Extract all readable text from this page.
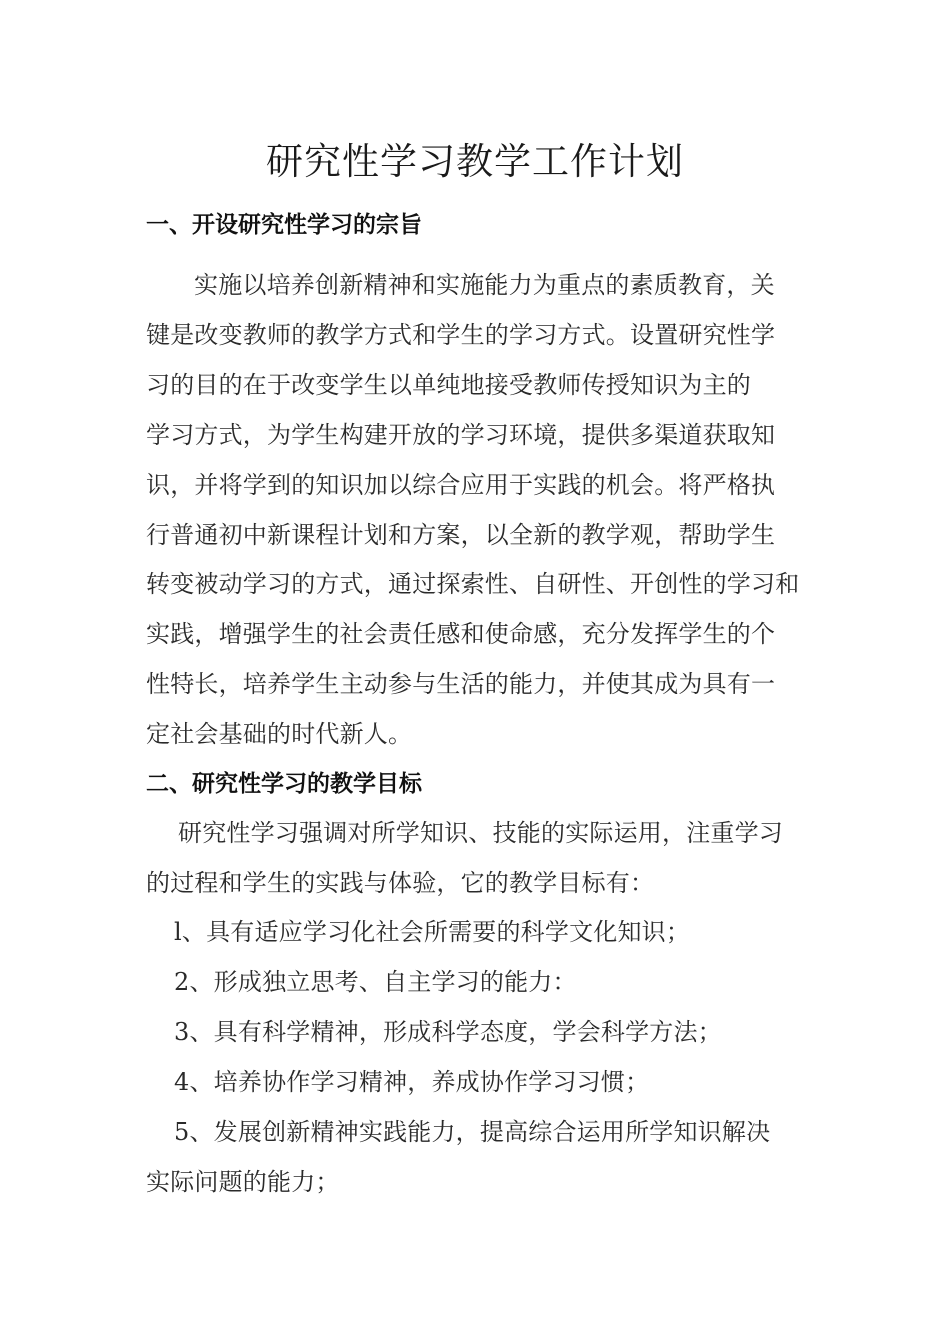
研究性学习教学工作计划
一、开设研究性学习的宗旨
实施以培养创新精神和实施能力为重点的素质教育，关
键是改变教师的教学方式和学生的学习方式。设置研究性学
习的目的在于改变学生以单纯地接受教师传授知识为主的
学习方式，为学生构建开放的学习环境，提供多渠道获取知
识，并将学到的知识加以综合应用于实践的机会。将严格执
行普通初中新课程计划和方案，以全新的教学观，帮助学生
转变被动学习的方式，通过探索性、自研性、开创性的学习和
实践，增强学生的社会责任感和使命感，充分发挥学生的个
性特长，培养学生主动参与生活的能力，并使其成为具有一
定社会基础的时代新人。
二、研究性学习的教学目标
研究性学习强调对所学知识、技能的实际运用，注重学习
的过程和学生的实践与体验，它的教学目标有：
l、具有适应学习化社会所需要的科学文化知识；
2、形成独立思考、自主学习的能力：
3、具有科学精神，形成科学态度，学会科学方法；
4、培养协作学习精神，养成协作学习习惯；
5、发展创新精神实践能力，提高综合运用所学知识解决
实际问题的能力；
